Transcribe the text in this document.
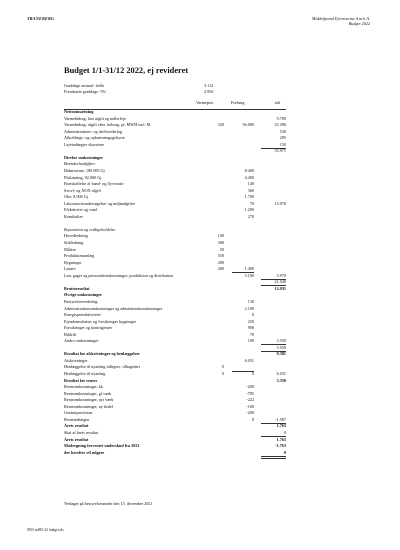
TRANEBERG	Middelgrund Fjernvarme A.m.b.A.
Budget 2022
Budget 1/1-31/12 2022, ej revideret
Graddage normal- helår	3.112
Forudsatte graddage -5%	2.956
Varmepris	Forbrug	ialt
Nettoomsætning
Varmebidrag, fast afgift og målerleje	9.700
Varmebidrag, afgift efter forbrug, pr. MWH incl. M.	520	56.000	25.296
Administrations- og driftsvederlag	530
Afkoblings- og opkrævningsgebyrer	295
Lejeindtægter skorstene	150
35.971
Direkte omkostninger
Brændselsudgifter:
Halmvarme, 180.000 Gj	8.400
Flisløsning, 92.000 Gj	4.400
Bortskaffelse af band- og flyveaske	140
Svovl- og NOX-afgift	360
Olie, 8.000 Gj	1.700
Laboratorieundersøgelser og miljøudgifter	70	15.070
Elektricitet og vand	1.200
Kemikalier	270
Reparation og vedligeholdelse:
Hovedledning	100
Stikledning	300
Målere	50
Produktionsanlæg	550
Bygninger	200
Løsøre	200	1.400
Løn, gager og personaleomkostninger, produktion og distribution	3.100	5.970
21.040
Bruttoresultat	12.931
Øvrige omkostninger
Bestyrelsesvederlag	130
Administrationsomkostninger og administrationslønninger	2.100
Energispareaktiviteter	0
Ejendomsskatter og forsikringer bygninger	250
Forsikringer og kontingenter	900
Bildrift	70
Andre omkostninger	100	3.550
3.550
Resultat før afskrivninger og henlæggelser	9.381
Afskrivninger	6.031
Henlæggelse til nyanlæg tidligere, tilbageført	0
Henlæggelse til nyanlæg	0	0	6.031
Resultat før renter	3.350
Renteomkostninger, kk	-200
Renteomkostninger, gl værk	-785
Renteomkostninger, nyt værk	-222
Renteomkostninger, ny kedel	-180
Garantiprovision	-200
Renteindtægter	0	-1.587
Årets resultat	1.763
Skat af årets resultat	0
Årets resultat	1.763
Modregning forventet underskud fra 2021	-1.763
der herefter vil udgøre	0
Vedtaget på bestyrelsesmøde den 15. december 2021
0501 m081-22 budget.xls
